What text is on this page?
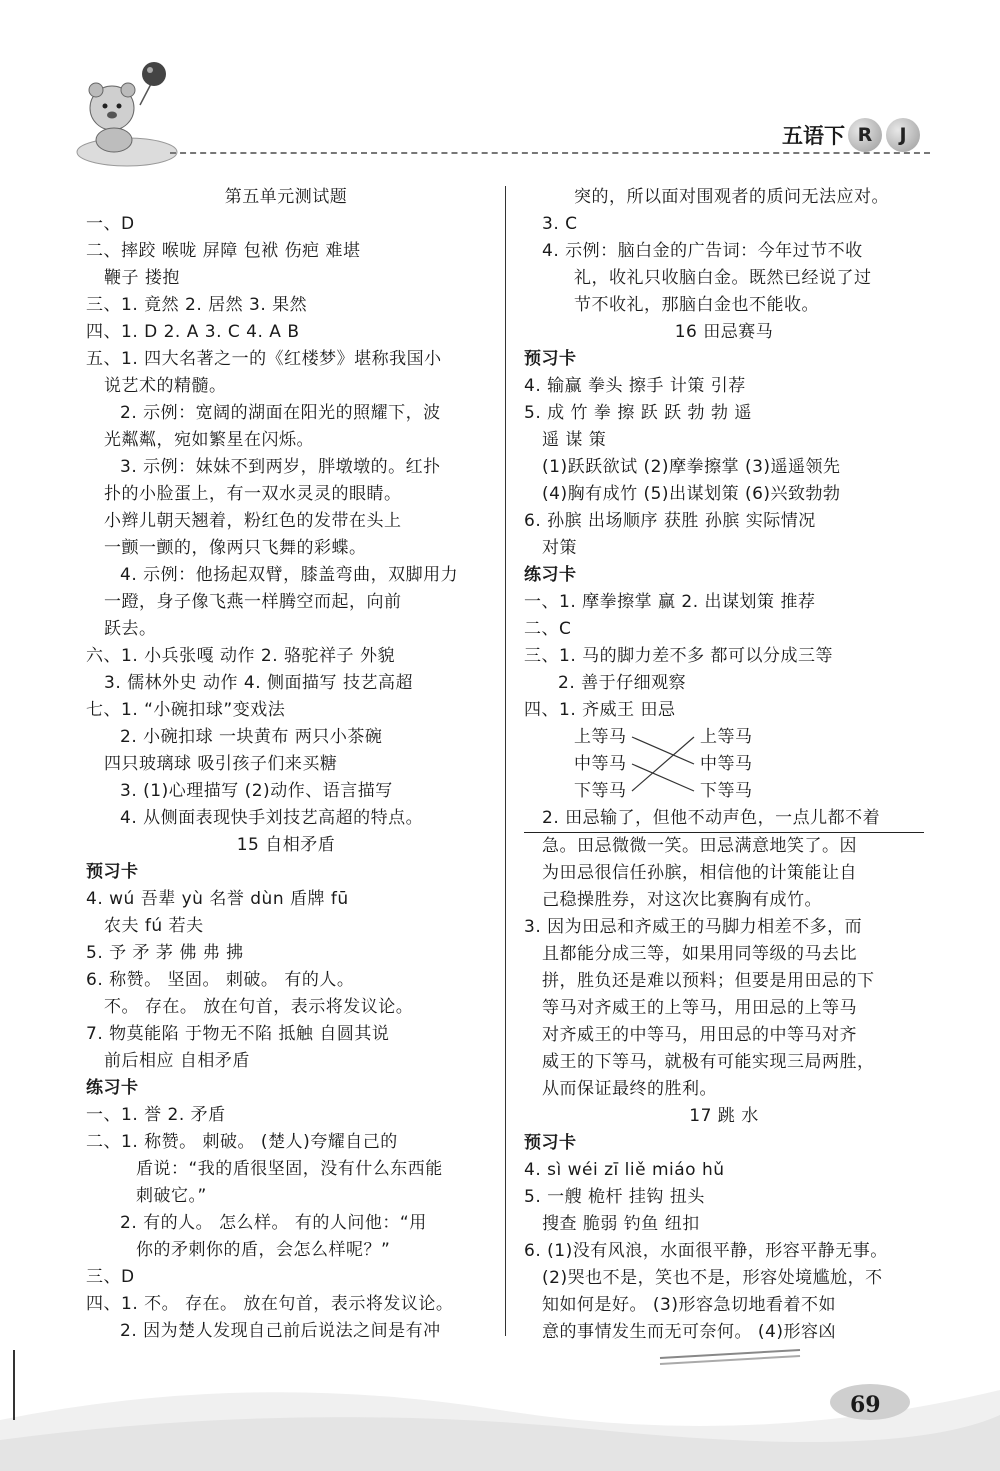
五语下 R	J
第五单元测试题
一、D
二、摔跤 喉咙 屏障 包袱 伤疤 难堪
鞭子 搂抱
三、1. 竟然 2. 居然 3. 果然
四、1. D 2. A 3. C 4. A B
五、1. 四大名著之一的《红楼梦》堪称我国小
说艺术的精髓。
2. 示例：宽阔的湖面在阳光的照耀下，波
光粼粼，宛如繁星在闪烁。
3. 示例：妹妹不到两岁，胖墩墩的。红扑
扑的小脸蛋上，有一双水灵灵的眼睛。
小辫儿朝天翘着，粉红色的发带在头上
一颤一颤的，像两只飞舞的彩蝶。
4. 示例：他扬起双臂，膝盖弯曲，双脚用力
一蹬，身子像飞燕一样腾空而起，向前
跃去。
六、1. 小兵张嘎 动作 2. 骆驼祥子 外貌
3. 儒林外史 动作 4. 侧面描写 技艺高超
七、1. “小碗扣球”变戏法
2. 小碗扣球 一块黄布 两只小茶碗
四只玻璃球 吸引孩子们来买糖
3. (1)心理描写 (2)动作、语言描写
4. 从侧面表现快手刘技艺高超的特点。
15 自相矛盾
预习卡
4. wú 吾辈 yù 名誉 dùn 盾牌 fū
农夫 fú 若夫
5. 予 矛 茅 佛 弗 拂
6. 称赞。 坚固。 刺破。 有的人。
不。 存在。 放在句首，表示将发议论。
7. 物莫能陷 于物无不陷 抵触 自圆其说
前后相应 自相矛盾
练习卡
一、1. 誉 2. 矛盾
二、1. 称赞。 刺破。 (楚人)夸耀自己的
盾说：“我的盾很坚固，没有什么东西能
刺破它。”
2. 有的人。 怎么样。 有的人问他：“用
你的矛刺你的盾，会怎么样呢？”
三、D
四、1. 不。 存在。 放在句首，表示将发议论。
2. 因为楚人发现自己前后说法之间是有冲
突的，所以面对围观者的质问无法应对。
3. C
4. 示例：脑白金的广告词：今年过节不收
礼，收礼只收脑白金。既然已经说了过
节不收礼，那脑白金也不能收。
16 田忌赛马
预习卡
4. 输赢 拳头 擦手 计策 引荐
5. 成 竹 拳 擦 跃 跃 勃 勃 遥
遥 谋 策
(1)跃跃欲试 (2)摩拳擦掌 (3)遥遥领先
(4)胸有成竹 (5)出谋划策 (6)兴致勃勃
6. 孙膑 出场顺序 获胜 孙膑 实际情况
对策
练习卡
一、1. 摩拳擦掌 赢 2. 出谋划策 推荐
二、C
三、1. 马的脚力差不多 都可以分成三等
2. 善于仔细观察
四、1. 齐威王 田忌
上等马
中等马
下等马
上等马
中等马
下等马
2. 田忌输了，但他不动声色，一点儿都不着
急。田忌微微一笑。田忌满意地笑了。因
为田忌很信任孙膑，相信他的计策能让自
己稳操胜券，对这次比赛胸有成竹。
3. 因为田忌和齐威王的马脚力相差不多，而
且都能分成三等，如果用同等级的马去比
拼，胜负还是难以预料；但要是用田忌的下
等马对齐威王的上等马，用田忌的上等马
对齐威王的中等马，用田忌的中等马对齐
威王的下等马，就极有可能实现三局两胜，
从而保证最终的胜利。
17 跳 水
预习卡
4. sì wéi zī liě miáo hǔ
5. 一艘 桅杆 挂钩 扭头
搜查 脆弱 钓鱼 纽扣
6. (1)没有风浪，水面很平静，形容平静无事。
(2)哭也不是，笑也不是，形容处境尴尬，不
知如何是好。 (3)形容急切地看着不如
意的事情发生而无可奈何。 (4)形容凶
69
